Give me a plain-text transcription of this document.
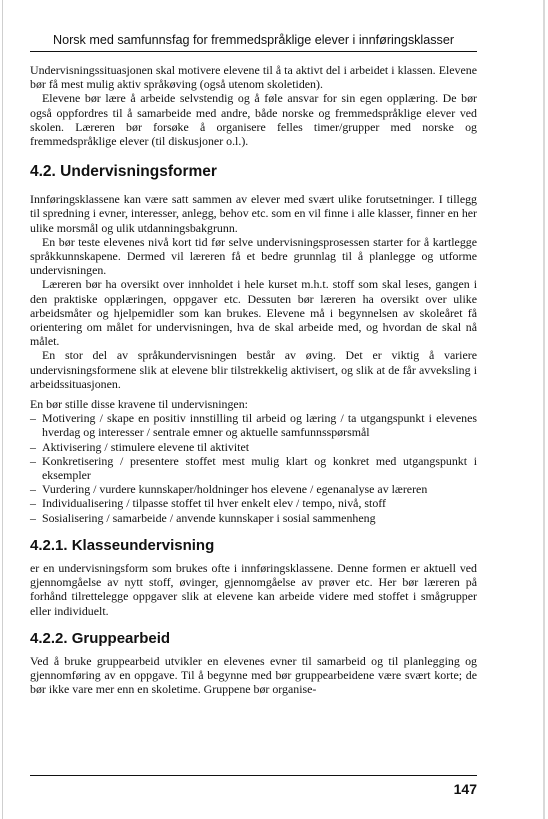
Norsk med samfunnsfag for fremmedspråklige elever i innføringsklasser

Undervisningssituasjonen skal motivere elevene til å ta aktivt del i arbeidet i klassen. Elevene bør få mest mulig aktiv språkøving (også utenom skoletiden).

Elevene bør lære å arbeide selvstendig og å føle ansvar for sin egen opplæring. De bør også oppfordres til å samarbeide med andre, både norske og fremmedspråklige elever ved skolen. Læreren bør forsøke å organisere felles timer/grupper med norske og fremmedspråklige elever (til diskusjoner o.l.).

4.2. Undervisningsformer

Innføringsklassene kan være satt sammen av elever med svært ulike forutsetninger. I tillegg til spredning i evner, interesser, anlegg, behov etc. som en vil finne i alle klasser, finner en her ulike morsmål og ulik utdanningsbakgrunn.

En bør teste elevenes nivå kort tid før selve undervisningsprosessen starter for å kartlegge språkkunnskapene. Dermed vil læreren få et bedre grunnlag til å planlegge og utforme undervisningen.

Læreren bør ha oversikt over innholdet i hele kurset m.h.t. stoff som skal leses, gangen i den praktiske opplæringen, oppgaver etc. Dessuten bør læreren ha oversikt over ulike arbeidsmåter og hjelpemidler som kan brukes. Elevene må i begynnelsen av skoleåret få orientering om målet for undervisningen, hva de skal arbeide med, og hvordan de skal nå målet.

En stor del av språkundervisningen består av øving. Det er viktig å variere undervisningsformene slik at elevene blir tilstrekkelig aktivisert, og slik at de får avveksling i arbeidssituasjonen.

En bør stille disse kravene til undervisningen:

– Motivering / skape en positiv innstilling til arbeid og læring / ta utgangspunkt i elevenes hverdag og interesser / sentrale emner og aktuelle samfunnsspørsmål
– Aktivisering / stimulere elevene til aktivitet
– Konkretisering / presentere stoffet mest mulig klart og konkret med utgangspunkt i eksempler
– Vurdering / vurdere kunnskaper/holdninger hos elevene / egenanalyse av læreren
– Individualisering / tilpasse stoffet til hver enkelt elev / tempo, nivå, stoff
– Sosialisering / samarbeide / anvende kunnskaper i sosial sammenheng
4.2.1. Klasseundervisning

er en undervisningsform som brukes ofte i innføringsklassene. Denne formen er aktuell ved gjennomgåelse av nytt stoff, øvinger, gjennomgåelse av prøver etc. Her bør læreren på forhånd tilrettelegge oppgaver slik at elevene kan arbeide videre med stoffet i smågrupper eller individuelt.

4.2.2. Gruppearbeid

Ved å bruke gruppearbeid utvikler en elevenes evner til samarbeid og til planlegging og gjennomføring av en oppgave. Til å begynne med bør gruppearbeidene være svært korte; de bør ikke vare mer enn en skoletime. Gruppene bør organise-

147
